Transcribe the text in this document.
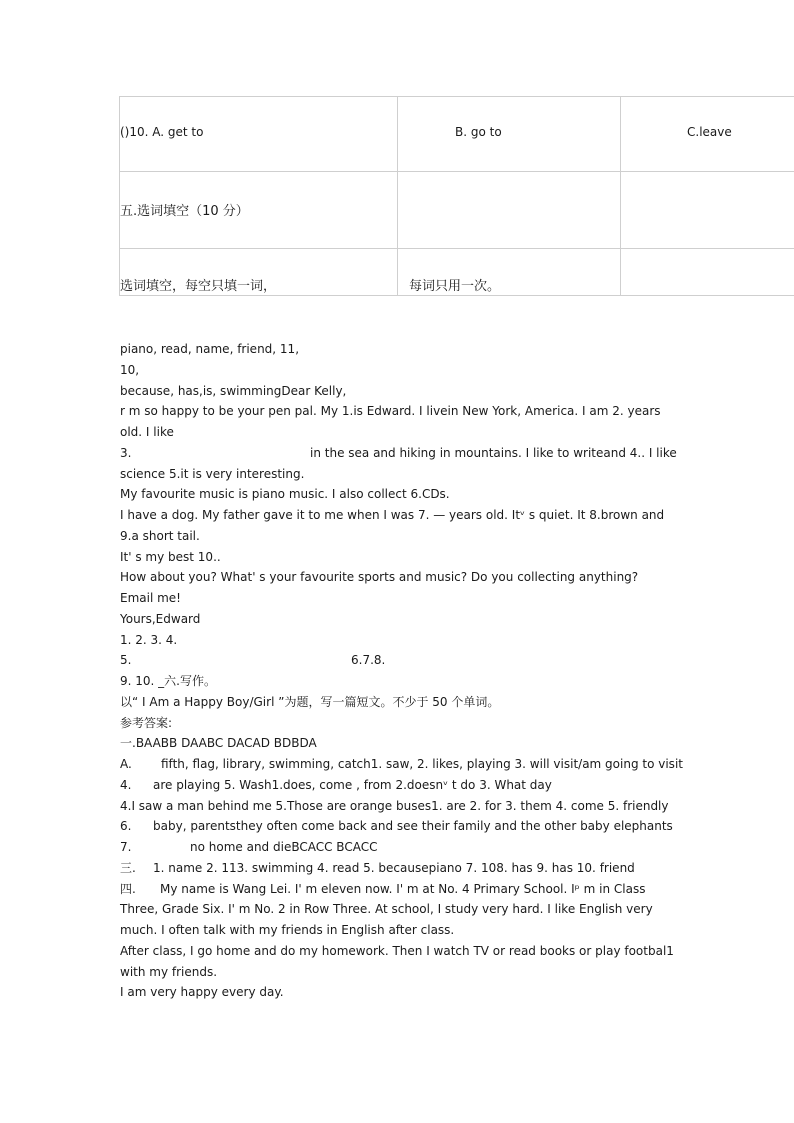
()10. A. get to	B. go to	C.leave
五.选词填空（10 分）
选词填空，每空只填一词，	每词只用一次。
piano, read, name, friend, 11,
10,
because, has,is, swimmingDear Kelly,
r m so happy to be your pen pal. My 1.is Edward. I livein New York, America. I am 2. years
old. I like
3.	in the sea and hiking in mountains. I like to writeand 4.. I like
science 5.it is very interesting.
My favourite music is piano music. I also collect 6.CDs.
I have a dog. My father gave it to me when I was 7. — years old. Itᵛ s quiet. It 8.brown and
9.a short tail.
It' s my best 10..
How about you? What' s your favourite sports and music? Do you collecting anything?
Email me!
Yours,Edward
1. 2. 3. 4.
5.	6.7.8.
9. 10. _六.写作。
以“ I Am a Happy Boy/Girl ”为题，写一篇短文。不少于 50 个单词。
参考答案:
一.BAABB DAABC DACAD BDBDA
A. fifth, flag, library, swimming, catch1. saw, 2. likes, playing 3. will visit/am going to visit
4. are playing 5. Wash1.does, come , from 2.doesnᵛ t do 3. What day
4.I saw a man behind me 5.Those are orange buses1. are 2. for 3. them 4. come 5. friendly
6. baby, parentsthey often come back and see their family and the other baby elephants
7.	no home and dieBCACC BCACC
三. 1. name 2. 113. swimming 4. read 5. becausepiano 7. 108. has 9. has 10. friend
四. My name is Wang Lei. I' m eleven now. I' m at No. 4 Primary School. Iᵖ m in Class
Three, Grade Six. I' m No. 2 in Row Three. At school, I study very hard. I like English very
much. I often talk with my friends in English after class.
After class, I go home and do my homework. Then I watch TV or read books or play footbal1
with my friends.
I am very happy every day.
